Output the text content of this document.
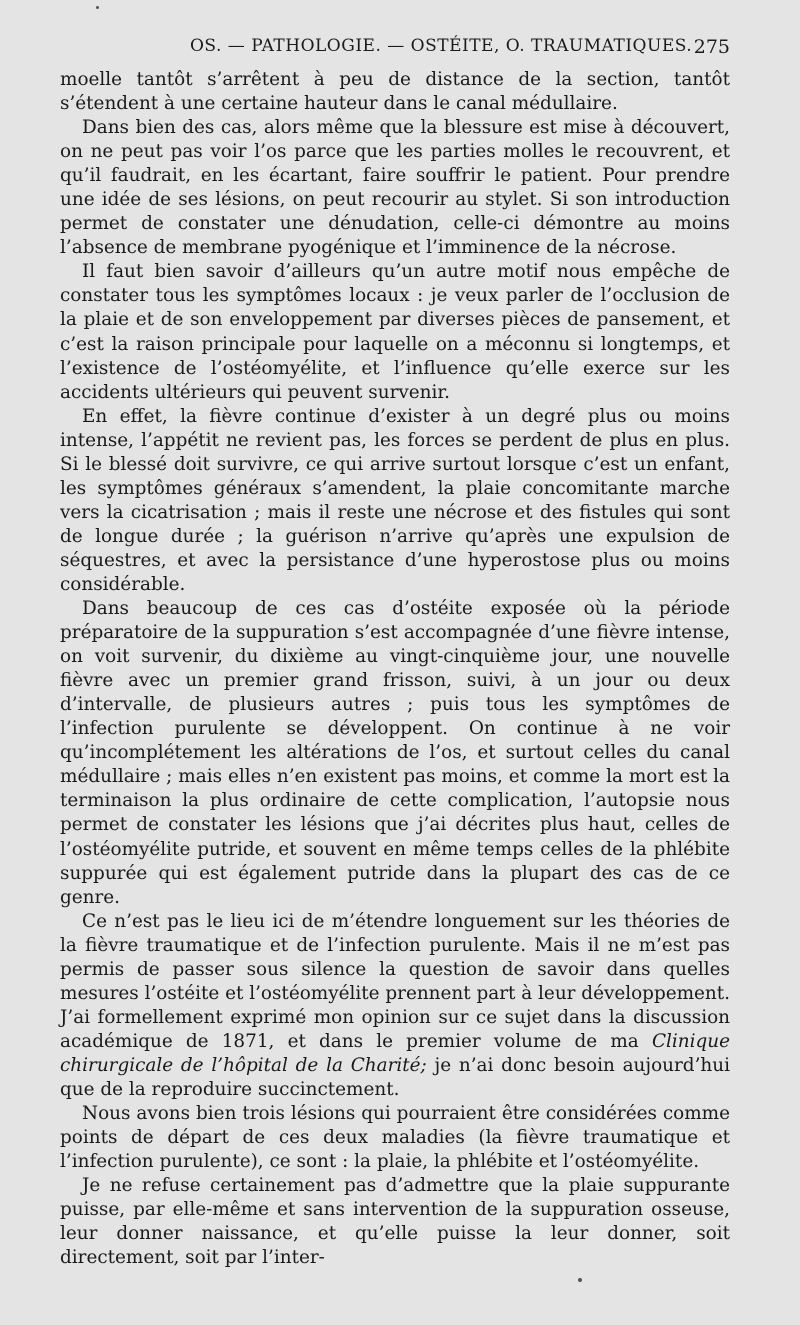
OS. — PATHOLOGIE. — OSTÉITE, O. TRAUMATIQUES. 275

moelle tantôt s’arrêtent à peu de distance de la section, tantôt s’étendent à une certaine hauteur dans le canal médullaire.

Dans bien des cas, alors même que la blessure est mise à découvert, on ne peut pas voir l’os parce que les parties molles le recouvrent, et qu’il faudrait, en les écartant, faire souffrir le patient. Pour prendre une idée de ses lésions, on peut recourir au stylet. Si son introduction permet de constater une dénudation, celle-ci démontre au moins l’absence de membrane pyogénique et l’imminence de la nécrose.

Il faut bien savoir d’ailleurs qu’un autre motif nous empêche de constater tous les symptômes locaux : je veux parler de l’occlusion de la plaie et de son enveloppement par diverses pièces de pansement, et c’est la raison principale pour laquelle on a méconnu si longtemps, et l’existence de l’ostéomyélite, et l’influence qu’elle exerce sur les accidents ultérieurs qui peuvent survenir.

En effet, la fièvre continue d’exister à un degré plus ou moins intense, l’appétit ne revient pas, les forces se perdent de plus en plus. Si le blessé doit survivre, ce qui arrive surtout lorsque c’est un enfant, les symptômes généraux s’amendent, la plaie concomitante marche vers la cicatrisation ; mais il reste une nécrose et des fistules qui sont de longue durée ; la guérison n’arrive qu’après une expulsion de séquestres, et avec la persistance d’une hyperostose plus ou moins considérable.

Dans beaucoup de ces cas d’ostéite exposée où la période préparatoire de la suppuration s’est accompagnée d’une fièvre intense, on voit survenir, du dixième au vingt-cinquième jour, une nouvelle fièvre avec un premier grand frisson, suivi, à un jour ou deux d’intervalle, de plusieurs autres ; puis tous les symptômes de l’infection purulente se développent. On continue à ne voir qu’incomplétement les altérations de l’os, et surtout celles du canal médullaire ; mais elles n’en existent pas moins, et comme la mort est la terminaison la plus ordinaire de cette complication, l’autopsie nous permet de constater les lésions que j’ai décrites plus haut, celles de l’ostéomyélite putride, et souvent en même temps celles de la phlébite suppurée qui est également putride dans la plupart des cas de ce genre.

Ce n’est pas le lieu ici de m’étendre longuement sur les théories de la fièvre traumatique et de l’infection purulente. Mais il ne m’est pas permis de passer sous silence la question de savoir dans quelles mesures l’ostéite et l’ostéomyélite prennent part à leur développement. J’ai formellement exprimé mon opinion sur ce sujet dans la discussion académique de 1871, et dans le premier volume de ma Clinique chirurgicale de l’hôpital de la Charité; je n’ai donc besoin aujourd’hui que de la reproduire succinctement.

Nous avons bien trois lésions qui pourraient être considérées comme points de départ de ces deux maladies (la fièvre traumatique et l’infection purulente), ce sont : la plaie, la phlébite et l’ostéomyélite.

Je ne refuse certainement pas d’admettre que la plaie suppurante puisse, par elle-même et sans intervention de la suppuration osseuse, leur donner naissance, et qu’elle puisse la leur donner, soit directement, soit par l’inter-
